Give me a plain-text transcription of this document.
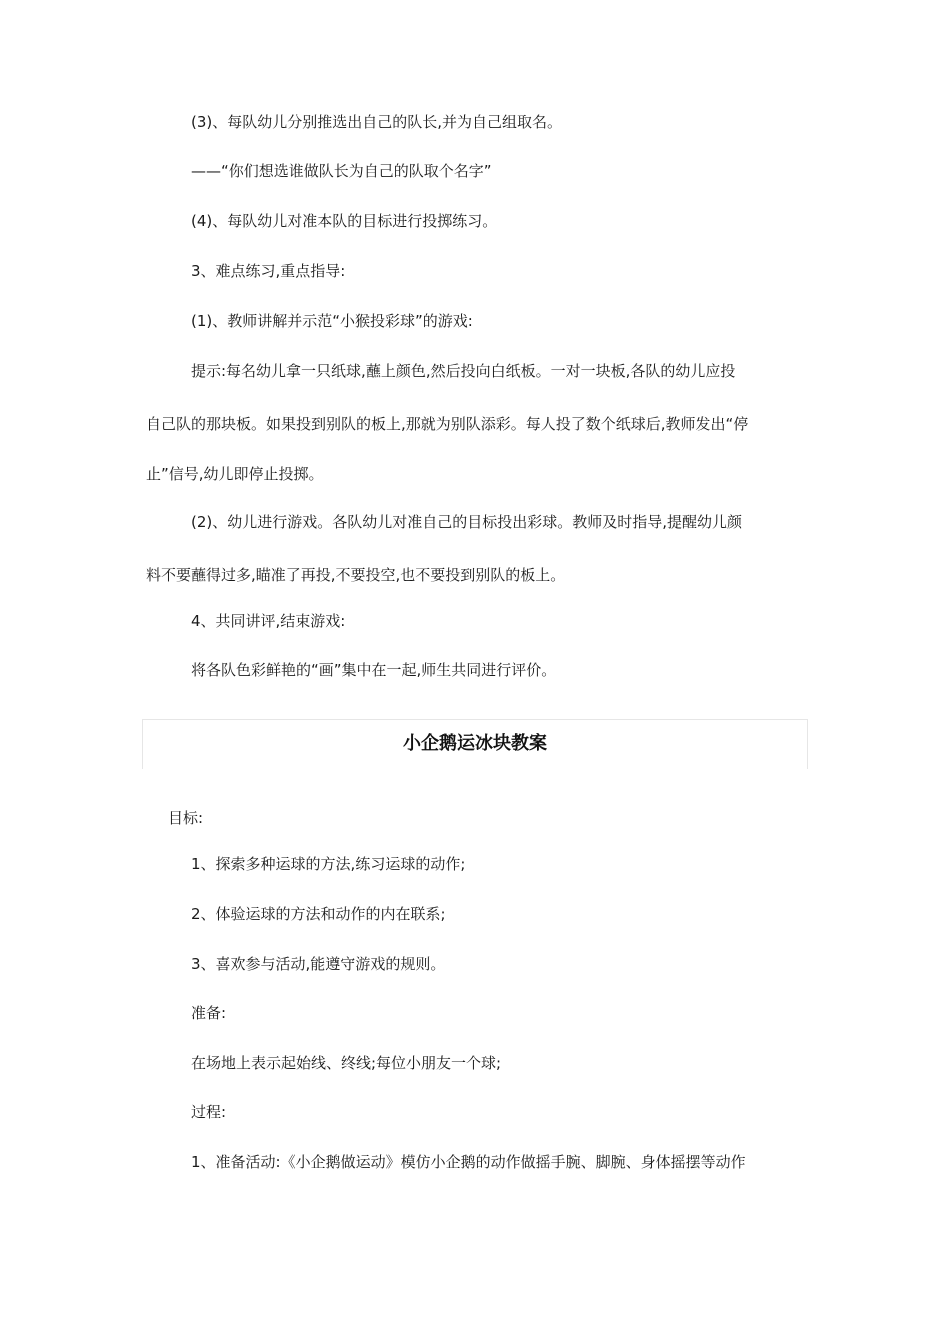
(3)、每队幼儿分别推选出自己的队长,并为自己组取名。
——“你们想选谁做队长为自己的队取个名字”
(4)、每队幼儿对准本队的目标进行投掷练习。
3、难点练习,重点指导:
(1)、教师讲解并示范“小猴投彩球”的游戏:
提示:每名幼儿拿一只纸球,蘸上颜色,然后投向白纸板。一对一块板,各队的幼儿应投
自己队的那块板。如果投到别队的板上,那就为别队添彩。每人投了数个纸球后,教师发出“停
止”信号,幼儿即停止投掷。
(2)、幼儿进行游戏。各队幼儿对准自己的目标投出彩球。教师及时指导,提醒幼儿颜
料不要蘸得过多,瞄准了再投,不要投空,也不要投到别队的板上。
4、共同讲评,结束游戏:
将各队色彩鲜艳的“画”集中在一起,师生共同进行评价。
小企鹅运冰块教案
目标:
1、探索多种运球的方法,练习运球的动作;
2、体验运球的方法和动作的内在联系;
3、喜欢参与活动,能遵守游戏的规则。
准备:
在场地上表示起始线、终线;每位小朋友一个球;
过程:
1、准备活动:《小企鹅做运动》模仿小企鹅的动作做摇手腕、脚腕、身体摇摆等动作
